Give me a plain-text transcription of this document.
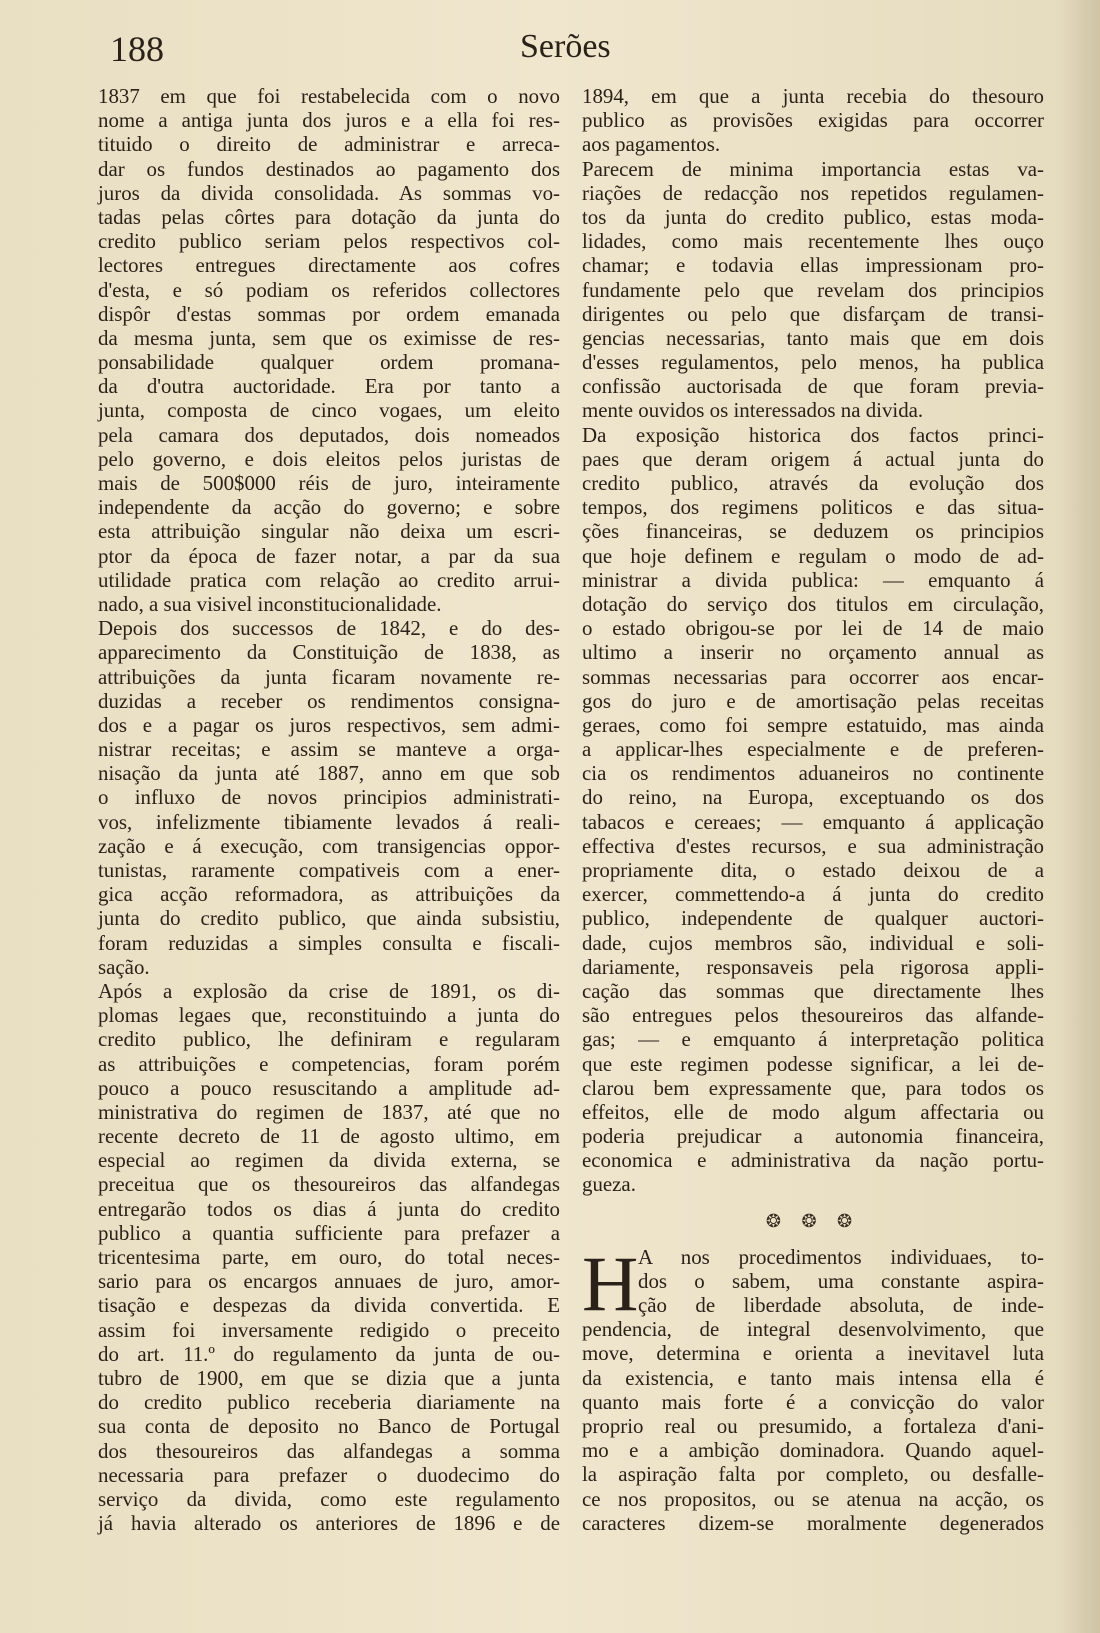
188	Serões
1837 em que foi restabelecida com o novo
nome a antiga junta dos juros e a ella foi res-
tituido o direito de administrar e arreca-
dar os fundos destinados ao pagamento dos
juros da divida consolidada. As sommas vo-
tadas pelas côrtes para dotação da junta do
credito publico seriam pelos respectivos col-
lectores entregues directamente aos cofres
d'esta, e só podiam os referidos collectores
dispôr d'estas sommas por ordem emanada
da mesma junta, sem que os eximisse de res-
ponsabilidade qualquer ordem promana-
da d'outra auctoridade. Era por tanto a
junta, composta de cinco vogaes, um eleito
pela camara dos deputados, dois nomeados
pelo governo, e dois eleitos pelos juristas de
mais de 500$000 réis de juro, inteiramente
independente da acção do governo; e sobre
esta attribuição singular não deixa um escri-
ptor da época de fazer notar, a par da sua
utilidade pratica com relação ao credito arrui-
nado, a sua visivel inconstitucionalidade.
Depois dos successos de 1842, e do des-
apparecimento da Constituição de 1838, as
attribuições da junta ficaram novamente re-
duzidas a receber os rendimentos consigna-
dos e a pagar os juros respectivos, sem admi-
nistrar receitas; e assim se manteve a orga-
nisação da junta até 1887, anno em que sob
o influxo de novos principios administrati-
vos, infelizmente tibiamente levados á reali-
zação e á execução, com transigencias oppor-
tunistas, raramente compativeis com a ener-
gica acção reformadora, as attribuições da
junta do credito publico, que ainda subsistiu,
foram reduzidas a simples consulta e fiscali-
sação.
Após a explosão da crise de 1891, os di-
plomas legaes que, reconstituindo a junta do
credito publico, lhe definiram e regularam
as attribuições e competencias, foram porém
pouco a pouco resuscitando a amplitude ad-
ministrativa do regimen de 1837, até que no
recente decreto de 11 de agosto ultimo, em
especial ao regimen da divida externa, se
preceitua que os thesoureiros das alfandegas
entregarão todos os dias á junta do credito
publico a quantia sufficiente para prefazer a
tricentesima parte, em ouro, do total neces-
sario para os encargos annuaes de juro, amor-
tisação e despezas da divida convertida. E
assim foi inversamente redigido o preceito
do art. 11.º do regulamento da junta de ou-
tubro de 1900, em que se dizia que a junta
do credito publico receberia diariamente na
sua conta de deposito no Banco de Portugal
dos thesoureiros das alfandegas a somma
necessaria para prefazer o duodecimo do
serviço da divida, como este regulamento
já havia alterado os anteriores de 1896 e de
1894, em que a junta recebia do thesouro
publico as provisões exigidas para occorrer
aos pagamentos.
Parecem de minima importancia estas va-
riações de redacção nos repetidos regulamen-
tos da junta do credito publico, estas moda-
lidades, como mais recentemente lhes ouço
chamar; e todavia ellas impressionam pro-
fundamente pelo que revelam dos principios
dirigentes ou pelo que disfarçam de transi-
gencias necessarias, tanto mais que em dois
d'esses regulamentos, pelo menos, ha publica
confissão auctorisada de que foram previa-
mente ouvidos os interessados na divida.
Da exposição historica dos factos princi-
paes que deram origem á actual junta do
credito publico, através da evolução dos
tempos, dos regimens politicos e das situa-
ções financeiras, se deduzem os principios
que hoje definem e regulam o modo de ad-
ministrar a divida publica: — emquanto á
dotação do serviço dos titulos em circulação,
o estado obrigou-se por lei de 14 de maio
ultimo a inserir no orçamento annual as
sommas necessarias para occorrer aos encar-
gos do juro e de amortisação pelas receitas
geraes, como foi sempre estatuido, mas ainda
a applicar-lhes especialmente e de preferen-
cia os rendimentos aduaneiros no continente
do reino, na Europa, exceptuando os dos
tabacos e cereaes; — emquanto á applicação
effectiva d'estes recursos, e sua administração
propriamente dita, o estado deixou de a
exercer, commettendo-a á junta do credito
publico, independente de qualquer auctori-
dade, cujos membros são, individual e soli-
dariamente, responsaveis pela rigorosa appli-
cação das sommas que directamente lhes
são entregues pelos thesoureiros das alfande-
gas; — e emquanto á interpretação politica
que este regimen podesse significar, a lei de-
clarou bem expressamente que, para todos os
effeitos, elle de modo algum affectaria ou
poderia prejudicar a autonomia financeira,
economica e administrativa da nação portu-
gueza.
❂ ❂ ❂
H A nos procedimentos individuaes, to-
dos o sabem, uma constante aspira-
ção de liberdade absoluta, de inde-
pendencia, de integral desenvolvimento, que
move, determina e orienta a inevitavel luta
da existencia, e tanto mais intensa ella é
quanto mais forte é a convicção do valor
proprio real ou presumido, a fortaleza d'ani-
mo e a ambição dominadora. Quando aquel-
la aspiração falta por completo, ou desfalle-
ce nos propositos, ou se atenua na acção, os
caracteres dizem-se moralmente degenerados
